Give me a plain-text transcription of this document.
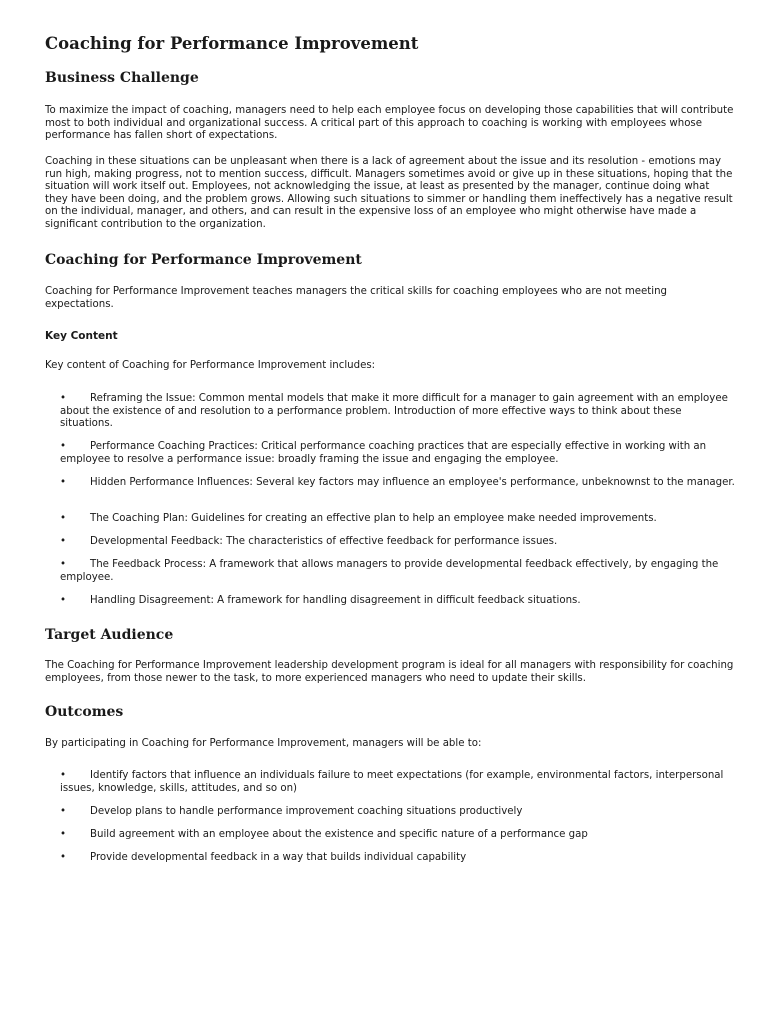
Coaching for Performance Improvement
Business Challenge

To maximize the impact of coaching, managers need to help each employee focus on developing those capabilities that will contribute most to both individual and organizational success. A critical part of this approach to coaching is working with employees whose performance has fallen short of expectations.

Coaching in these situations can be unpleasant when there is a lack of agreement about the issue and its resolution - emotions may run high, making progress, not to mention success, difficult. Managers sometimes avoid or give up in these situations, hoping that the situation will work itself out. Employees, not acknowledging the issue, at least as presented by the manager, continue doing what they have been doing, and the problem grows. Allowing such situations to simmer or handling them ineffectively has a negative result on the individual, manager, and others, and can result in the expensive loss of an employee who might otherwise have made a significant contribution to the organization.

Coaching for Performance Improvement

Coaching for Performance Improvement teaches managers the critical skills for coaching employees who are not meeting expectations.

Key Content

Key content of Coaching for Performance Improvement includes:

• Reframing the Issue: Common mental models that make it more difficult for a manager to gain agreement with an employee about the existence of and resolution to a performance problem. Introduction of more effective ways to think about these situations.

• Performance Coaching Practices: Critical performance coaching practices that are especially effective in working with an employee to resolve a performance issue: broadly framing the issue and engaging the employee.

• Hidden Performance Influences: Several key factors may influence an employee's performance, unbeknownst to the manager.

• The Coaching Plan: Guidelines for creating an effective plan to help an employee make needed improvements.

• Developmental Feedback: The characteristics of effective feedback for performance issues.

• The Feedback Process: A framework that allows managers to provide developmental feedback effectively, by engaging the employee.

• Handling Disagreement: A framework for handling disagreement in difficult feedback situations.

Target Audience

The Coaching for Performance Improvement leadership development program is ideal for all managers with responsibility for coaching employees, from those newer to the task, to more experienced managers who need to update their skills.

Outcomes

By participating in Coaching for Performance Improvement, managers will be able to:

• Identify factors that influence an individuals failure to meet expectations (for example, environmental factors, interpersonal issues, knowledge, skills, attitudes, and so on)

• Develop plans to handle performance improvement coaching situations productively

• Build agreement with an employee about the existence and specific nature of a performance gap

• Provide developmental feedback in a way that builds individual capability
